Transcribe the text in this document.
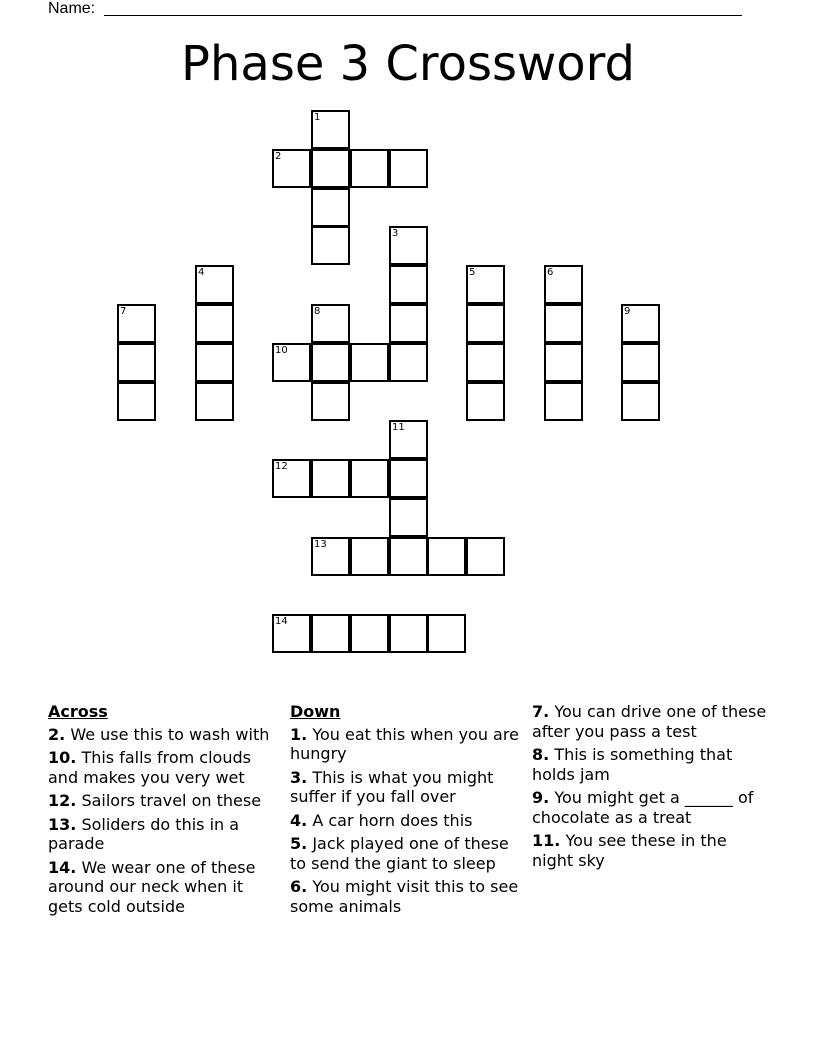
Name:
Phase 3 Crossword
1
2
3
4	5	6
7	8	9
10
11
12
13
14
Across
2. We use this to wash with
10. This falls from clouds and makes you very wet
12. Sailors travel on these
13. Soliders do this in a parade
14. We wear one of these around our neck when it gets cold outside
Down
1. You eat this when you are hungry
3. This is what you might suffer if you fall over
4. A car horn does this
5. Jack played one of these to send the giant to sleep
6. You might visit this to see some animals
7. You can drive one of these after you pass a test
8. This is something that holds jam
9. You might get a ______ of chocolate as a treat
11. You see these in the night sky
